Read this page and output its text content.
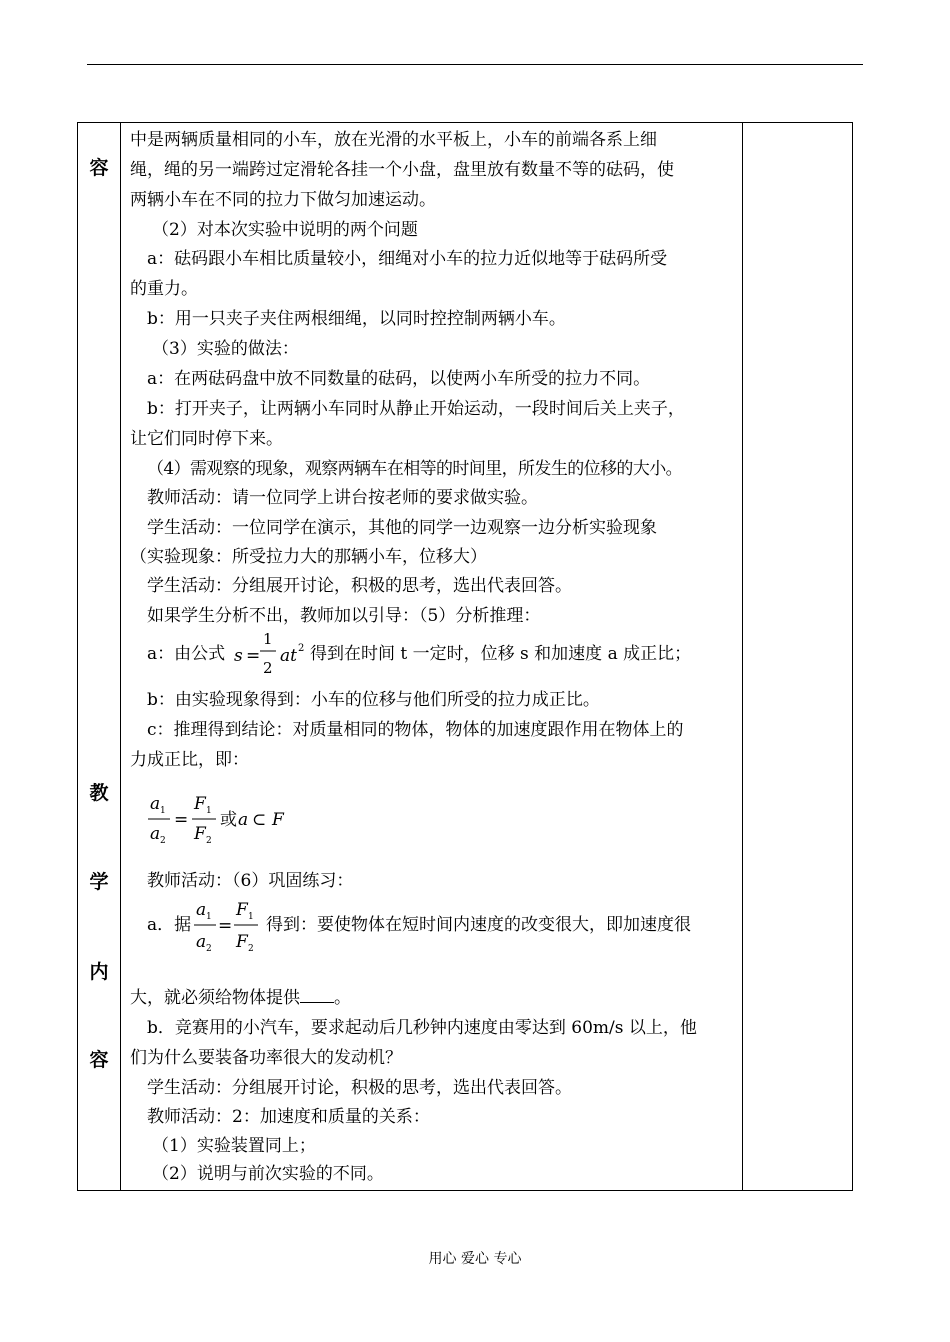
容
教
学
内
容
中是两辆质量相同的小车，放在光滑的水平板上，小车的前端各系上细
绳，绳的另一端跨过定滑轮各挂一个小盘，盘里放有数量不等的砝码，使
两辆小车在不同的拉力下做匀加速运动。
（2）对本次实验中说明的两个问题
a：砝码跟小车相比质量较小，细绳对小车的拉力近似地等于砝码所受
的重力。
b：用一只夹子夹住两根细绳，以同时控控制两辆小车。
（3）实验的做法：
a：在两砝码盘中放不同数量的砝码，以使两小车所受的拉力不同。
b：打开夹子，让两辆小车同时从静止开始运动，一段时间后关上夹子，
让它们同时停下来。
（4）需观察的现象，观察两辆车在相等的时间里，所发生的位移的大小。
教师活动：请一位同学上讲台按老师的要求做实验。
学生活动：一位同学在演示，其他的同学一边观察一边分析实验现象
（实验现象：所受拉力大的那辆小车，位移大）
学生活动：分组展开讨论，积极的思考，选出代表回答。
如果学生分析不出，教师加以引导：（5）分析推理：
a：由公式 s =
1
2
at 2 得到在时间 t 一定时，位移 s 和加速度 a 成正比；
b：由实验现象得到：小车的位移与他们所受的拉力成正比。
c：推理得到结论：对质量相同的物体，物体的加速度跟作用在物体上的
力成正比，即：
a 1
a 2
=
F 1
F 2
或 a ⊂ F
教师活动：（6）巩固练习：
a．据
a 1
a 2
=
F 1
F 2
得到：要使物体在短时间内速度的改变很大，即加速度很
大，就必须给物体提供 。
b．竞赛用的小汽车，要求起动后几秒钟内速度由零达到 60m/s 以上，他
们为什么要装备功率很大的发动机？
学生活动：分组展开讨论，积极的思考，选出代表回答。
教师活动：2：加速度和质量的关系：
（1）实验装置同上；
（2）说明与前次实验的不同。
用心 爱心 专心
